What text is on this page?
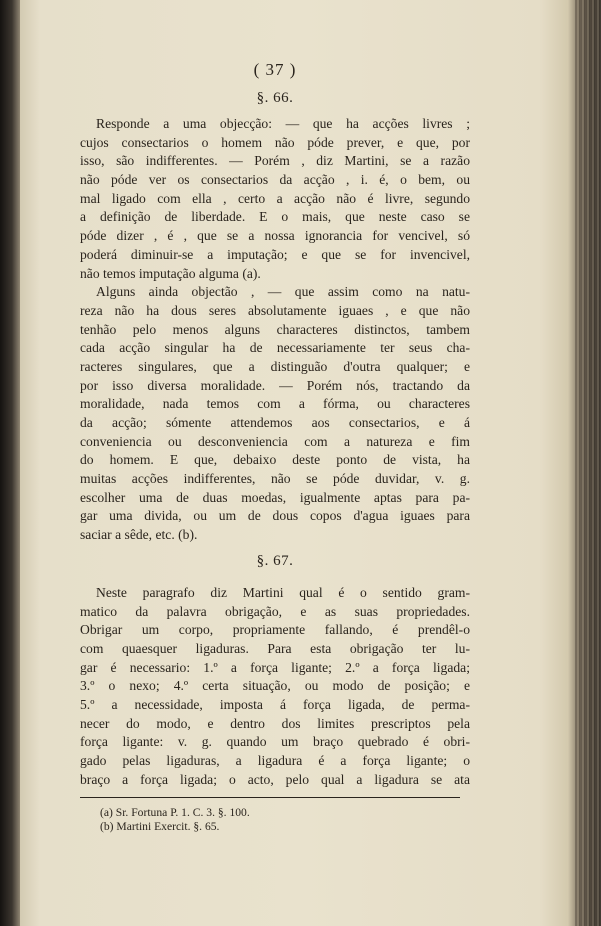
( 37 )
§. 66.
Responde a uma objecção: — que ha acções livres ;
cujos consectarios o homem não póde prever, e que, por
isso, são indifferentes. — Porém , diz Martini, se a razão
não póde ver os consectarios da acção , i. é, o bem, ou
mal ligado com ella , certo a acção não é livre, segundo
a definição de liberdade. E o mais, que neste caso se
póde dizer , é , que se a nossa ignorancia for vencivel, só
poderá diminuir-se a imputação; e que se for invencivel,
não temos imputação alguma (a).
Alguns ainda objectão , — que assim como na natu-
reza não ha dous seres absolutamente iguaes , e que não
tenhão pelo menos alguns characteres distinctos, tambem
cada acção singular ha de necessariamente ter seus cha-
racteres singulares, que a distinguão d'outra qualquer; e
por isso diversa moralidade. — Porém nós, tractando da
moralidade, nada temos com a fórma, ou characteres
da acção; sómente attendemos aos consectarios, e á
conveniencia ou desconveniencia com a natureza e fim
do homem. E que, debaixo deste ponto de vista, ha
muitas acções indifferentes, não se póde duvidar, v. g.
escolher uma de duas moedas, igualmente aptas para pa-
gar uma divida, ou um de dous copos d'agua iguaes para
saciar a sêde, etc. (b).
§. 67.
Neste paragrafo diz Martini qual é o sentido gram-
matico da palavra obrigação, e as suas propriedades.
Obrigar um corpo, propriamente fallando, é prendêl-o
com quaesquer ligaduras. Para esta obrigação ter lu-
gar é necessario: 1.º a força ligante; 2.º a força ligada;
3.º o nexo; 4.º certa situação, ou modo de posição; e
5.º a necessidade, imposta á força ligada, de perma-
necer do modo, e dentro dos limites prescriptos pela
força ligante: v. g. quando um braço quebrado é obri-
gado pelas ligaduras, a ligadura é a força ligante; o
braço a força ligada; o acto, pelo qual a ligadura se ata
(a) Sr. Fortuna P. 1. C. 3. §. 100.
(b) Martini Exercit. §. 65.
